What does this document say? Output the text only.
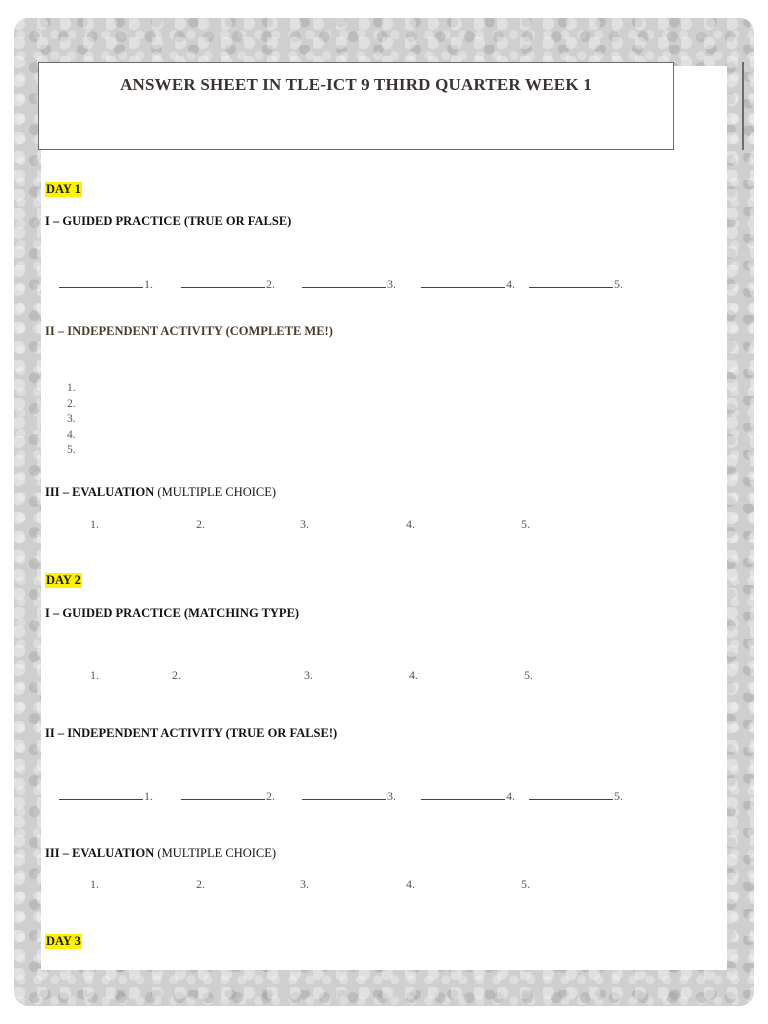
ANSWER SHEET IN TLE-ICT 9 THIRD QUARTER WEEK 1
DAY 1
I – GUIDED PRACTICE (TRUE OR FALSE)
1.	2.	3.	4.	5.
II – INDEPENDENT ACTIVITY (COMPLETE ME!)
1.
2.
3.
4.
5.
III – EVALUATION (MULTIPLE CHOICE)
1.	2.	3.	4.	5.
DAY 2
I – GUIDED PRACTICE (MATCHING TYPE)
1.	2.	3.	4.	5.
II – INDEPENDENT ACTIVITY (TRUE OR FALSE!)
1.	2.	3.	4.	5.
III – EVALUATION (MULTIPLE CHOICE)
1.	2.	3.	4.	5.
DAY 3
